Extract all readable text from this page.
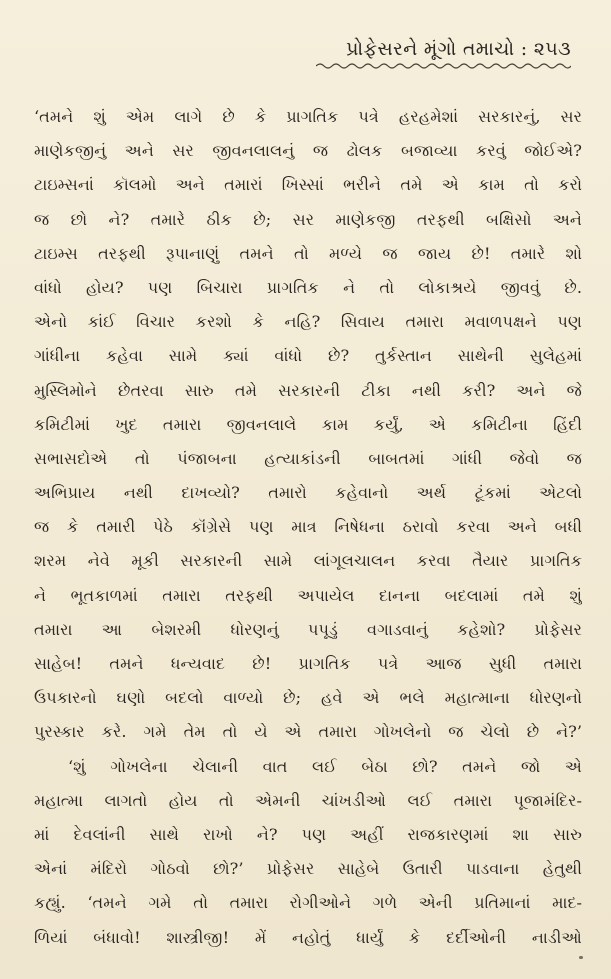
પ્રોફેસરને મૂંગો તમાચો : ૨૫૩
‘તમને શું એમ લાગે છે કે પ્રાગતિક પત્રે હરહમેશાં સરકારનું, સર
માણેકજીનું અને સર જીવનલાલનું જ ઢોલક બજાવ્યા કરવું જોઈએ?
ટાઇમ્સનાં કૉલમો અને તમારાં ખિસ્સાં ભરીને તમે એ કામ તો કરો
જ છો ને? તમારે ઠીક છે; સર માણેકજી તરફથી બક્ષિસો અને
ટાઇમ્સ તરફથી રૂપાનાણું તમને તો મળ્યે જ જાય છે! તમારે શો
વાંધો હોય? પણ બિચારા પ્રાગતિક ને તો લોકાશ્રયે જીવવું છે.
એનો કાંઈ વિચાર કરશો કે નહિ? સિવાય તમારા મવાળપક્ષને પણ
ગાંધીના કહેવા સામે ક્યાં વાંધો છે? તુર્કસ્તાન સાથેની સુલેહમાં
મુસ્લિમોને છેતરવા સારુ તમે સરકારની ટીકા નથી કરી? અને જે
કમિટીમાં ખુદ તમારા જીવનલાલે કામ કર્યું, એ કમિટીના હિંદી
સભાસદોએ તો પંજાબના હત્યાકાંડની બાબતમાં ગાંધી જેવો જ
અભિપ્રાય નથી દાખવ્યો? તમારો કહેવાનો અર્થ ટૂંકમાં એટલો
જ કે તમારી પેઠે કૉંગ્રેસે પણ માત્ર નિષેધના ઠરાવો કરવા અને બધી
શરમ નેવે મૂકી સરકારની સામે લાંગૂલચાલન કરવા તૈયાર પ્રાગતિક
ને ભૂતકાળમાં તમારા તરફથી અપાયેલ દાનના બદલામાં તમે શું
તમારા આ બેશરમી ધોરણનું પપૂડું વગાડવાનું કહેશો? પ્રોફેસર
સાહેબ! તમને ધન્યવાદ છે! પ્રાગતિક પત્રે આજ સુધી તમારા
ઉપકારનો ઘણો બદલો વાળ્યો છે; હવે એ ભલે મહાત્માના ધોરણનો
પુરસ્કાર કરે. ગમે તેમ તો યે એ તમારા ગોખલેનો જ ચેલો છે ને?’
‘શું ગોખલેના ચેલાની વાત લઈ બેઠા છો? તમને જો એ
મહાત્મા લાગતો હોય તો એમની ચાંખડીઓ લઈ તમારા પૂજામંદિર-
માં દેવલાંની સાથે રાખો ને? પણ અહીં રાજકારણમાં શા સારુ
એનાં મંદિરો ગોઠવો છો?’ પ્રોફેસર સાહેબે ઉતારી પાડવાના હેતુથી
કહ્યું. ‘તમને ગમે તો તમારા રોગીઓને ગળે એની પ્રતિમાનાં માદ-
ળિયાં બંધાવો! શાસ્ત્રીજી! મેં નહોતું ધાર્યું કે દર્દીઓની નાડીઓ
